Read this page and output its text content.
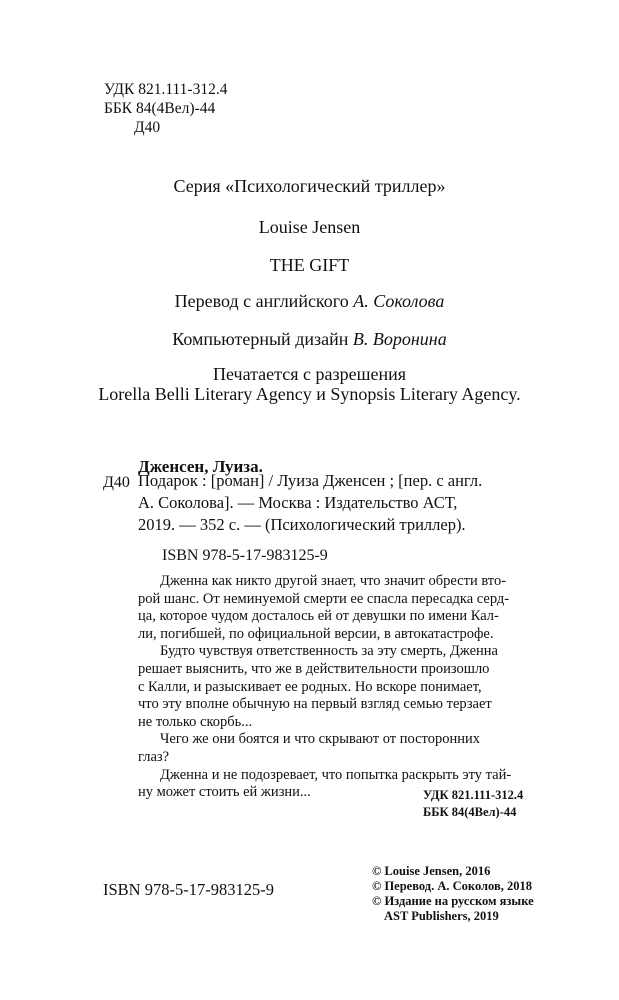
УДК 821.111-312.4
ББК 84(4Вел)-44
Д40
Серия «Психологический триллер»
Louise Jensen
THE GIFT
Перевод с английского А. Соколова
Компьютерный дизайн В. Воронина
Печатается с разрешения
Lorella Belli Literary Agency и Synopsis Literary Agency.
Дженсен, Луиза.
Д40 Подарок : [роман] / Луиза Дженсен ; [пер. с англ.
А. Соколова]. — Москва : Издательство АСТ,
2019. — 352 с. — (Психологический триллер).
ISBN 978-5-17-983125-9
Дженна как никто другой знает, что значит обрести вто-
рой шанс. От неминуемой смерти ее спасла пересадка серд-
ца, которое чудом досталось ей от девушки по имени Кал-
ли, погибшей, по официальной версии, в автокатастрофе.
Будто чувствуя ответственность за эту смерть, Дженна
решает выяснить, что же в действительности произошло
с Калли, и разыскивает ее родных. Но вскоре понимает,
что эту вполне обычную на первый взгляд семью терзает
не только скорбь...
Чего же они боятся и что скрывают от посторонних
глаз?
Дженна и не подозревает, что попытка раскрыть эту тай-
ну может стоить ей жизни...	УДК 821.111-312.4
ББК 84(4Вел)-44
ISBN 978-5-17-983125-9
© Louise Jensen, 2016
© Перевод. А. Соколов, 2018
© Издание на русском языке
AST Publishers, 2019
